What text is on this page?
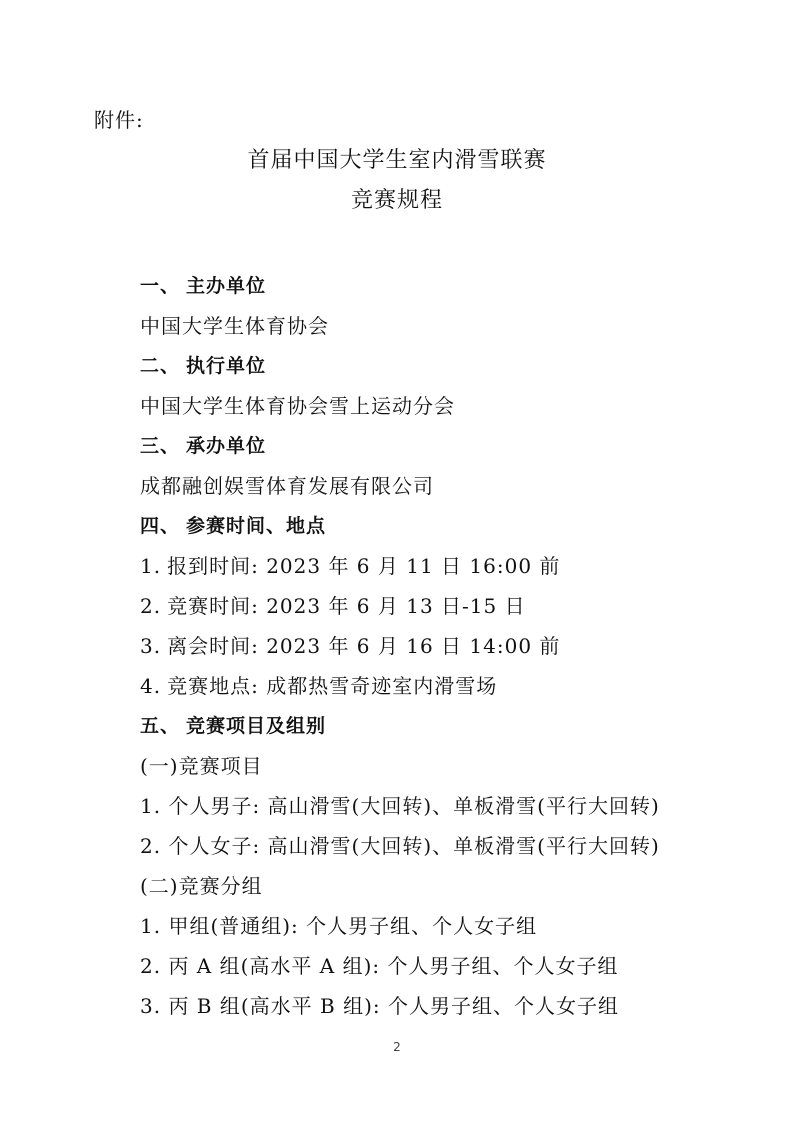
附件:
首届中国大学生室内滑雪联赛
竞赛规程
一、 主办单位
中国大学生体育协会
二、 执行单位
中国大学生体育协会雪上运动分会
三、 承办单位
成都融创娱雪体育发展有限公司
四、 参赛时间、地点
1. 报到时间: 2023 年 6 月 11 日 16:00 前
2. 竞赛时间: 2023 年 6 月 13 日-15 日
3. 离会时间: 2023 年 6 月 16 日 14:00 前
4. 竞赛地点: 成都热雪奇迹室内滑雪场
五、 竞赛项目及组别
(一)竞赛项目
1. 个人男子: 高山滑雪(大回转)、单板滑雪(平行大回转)
2. 个人女子: 高山滑雪(大回转)、单板滑雪(平行大回转)
(二)竞赛分组
1. 甲组(普通组): 个人男子组、个人女子组
2. 丙 A 组(高水平 A 组): 个人男子组、个人女子组
3. 丙 B 组(高水平 B 组): 个人男子组、个人女子组
2
